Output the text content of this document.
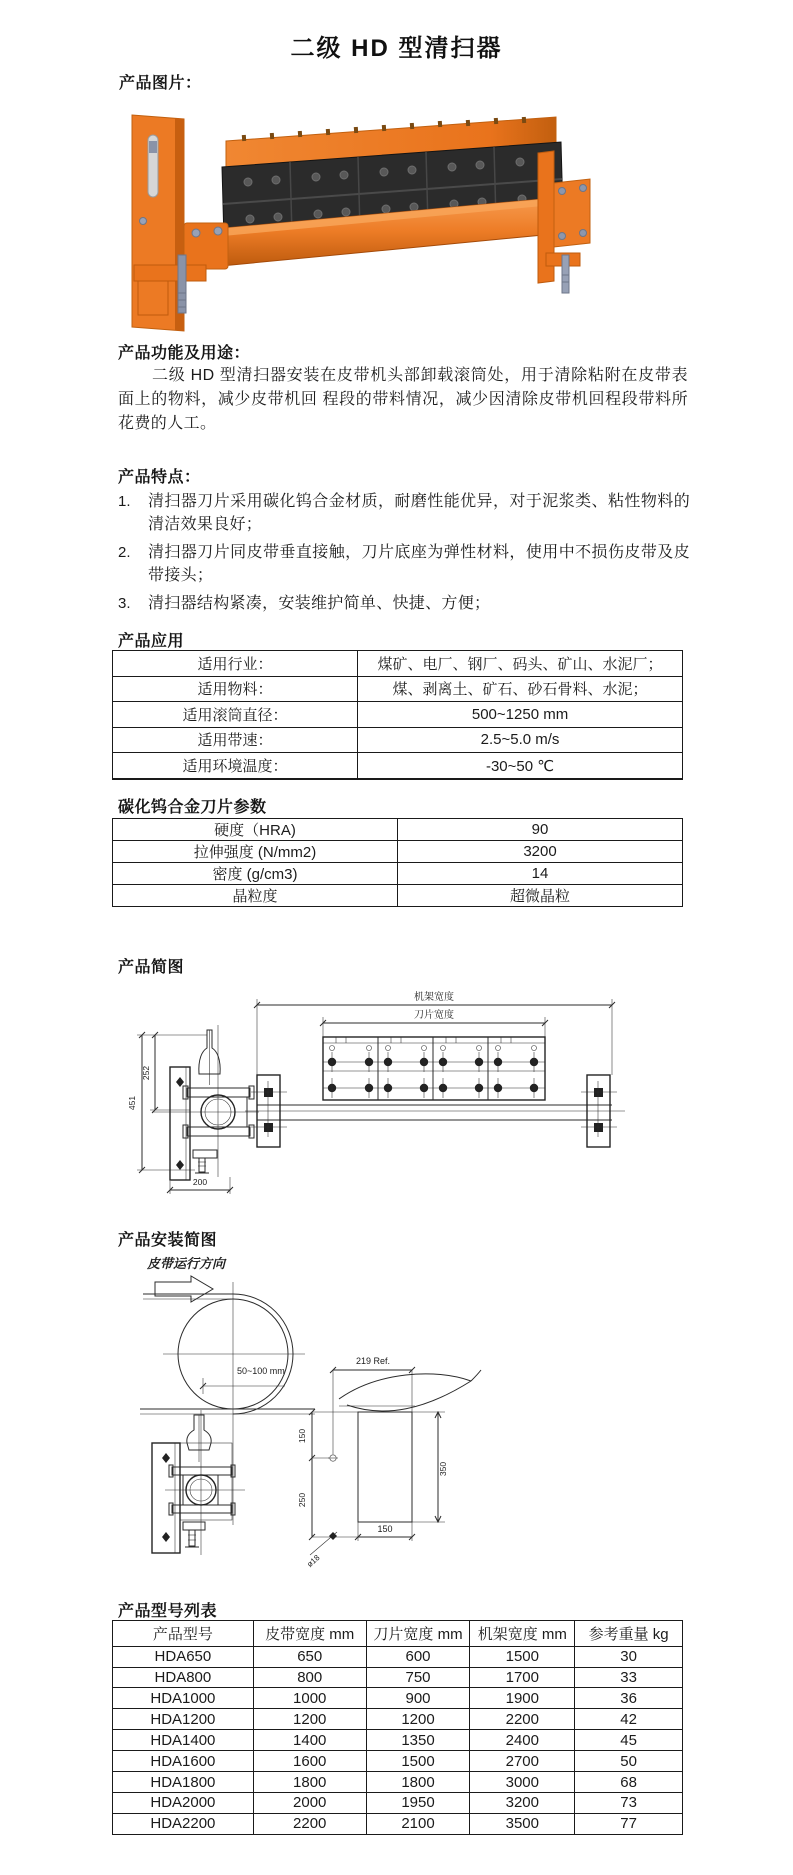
二级 HD 型清扫器
产品图片：
产品功能及用途：

二级 HD 型清扫器安装在皮带机头部卸载滚筒处，用于清除粘附在皮带表面上的物料，减少皮带机回 程段的带料情况，减少因清除皮带机回程段带料所花费的人工。

产品特点：
1.	清扫器刀片采用碳化钨合金材质，耐磨性能优异，对于泥浆类、粘性物料的清洁效果良好；
2.	清扫器刀片同皮带垂直接触，刀片底座为弹性材料，使用中不损伤皮带及皮带接头；
3.	清扫器结构紧凑，安装维护简单、快捷、方便；
产品应用
适用行业：	煤矿、电厂、钢厂、码头、矿山、水泥厂；
适用物料：	煤、剥离土、矿石、砂石骨料、水泥；
适用滚筒直径：	500~1250 mm
适用带速：	2.5~5.0 m/s
适用环境温度：	-30~50 ℃

碳化钨合金刀片参数
硬度（HRA)	90
拉伸强度 (N/mm2)	3200
密度 (g/cm3)	14
晶粒度	超微晶粒
产品简图
机架宽度
刀片宽度
451
252
200
产品安装简图
皮带运行方向
50~100 mm
219 Ref.
150
250
350
150
ø18
产品型号列表
产品型号	皮带宽度 mm	刀片宽度 mm	机架宽度 mm	参考重量 kg
HDA650	650	600	1500	30
HDA800	800	750	1700	33
HDA1000	1000	900	1900	36
HDA1200	1200	1200	2200	42
HDA1400	1400	1350	2400	45
HDA1600	1600	1500	2700	50
HDA1800	1800	1800	3000	68
HDA2000	2000	1950	3200	73
HDA2200	2200	2100	3500	77
